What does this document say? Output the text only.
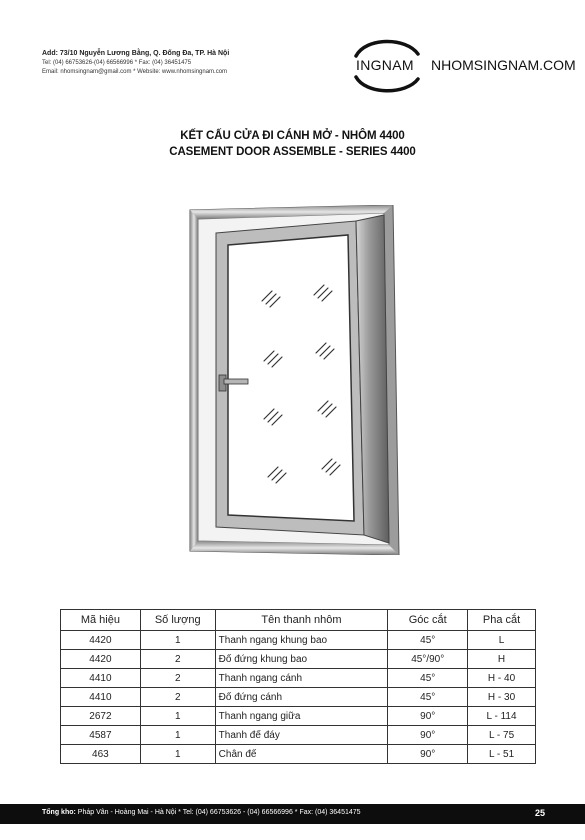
Add: 73/10 Nguyễn Lương Bằng, Q. Đống Đa, TP. Hà Nội
Tel: (04) 66753626-(04) 66566996 * Fax: (04) 36451475
Email: nhomsingnam@gmail.com * Website: www.nhomsingnam.com	INGNAM NHOMSINGNAM.COM
KẾT CẤU CỬA ĐI CÁNH MỞ - NHÔM 4400
CASEMENT DOOR ASSEMBLE - SERIES 4400
Mã hiệu	Số lượng	Tên thanh nhôm	Góc cắt	Pha cắt
4420	1	Thanh ngang khung bao	45°	L
4420	2	Đố đứng khung bao	45°/90°	H
4410	2	Thanh ngang cánh	45°	H - 40
4410	2	Đố đứng cánh	45°	H - 30
2672	1	Thanh ngang giữa	90°	L - 114
4587	1	Thanh đế đáy	90°	L - 75
463	1	Chân đế	90°	L - 51
Tổng kho: Pháp Vân - Hoàng Mai - Hà Nội * Tel: (04) 66753626 - (04) 66566996 * Fax: (04) 36451475	25
